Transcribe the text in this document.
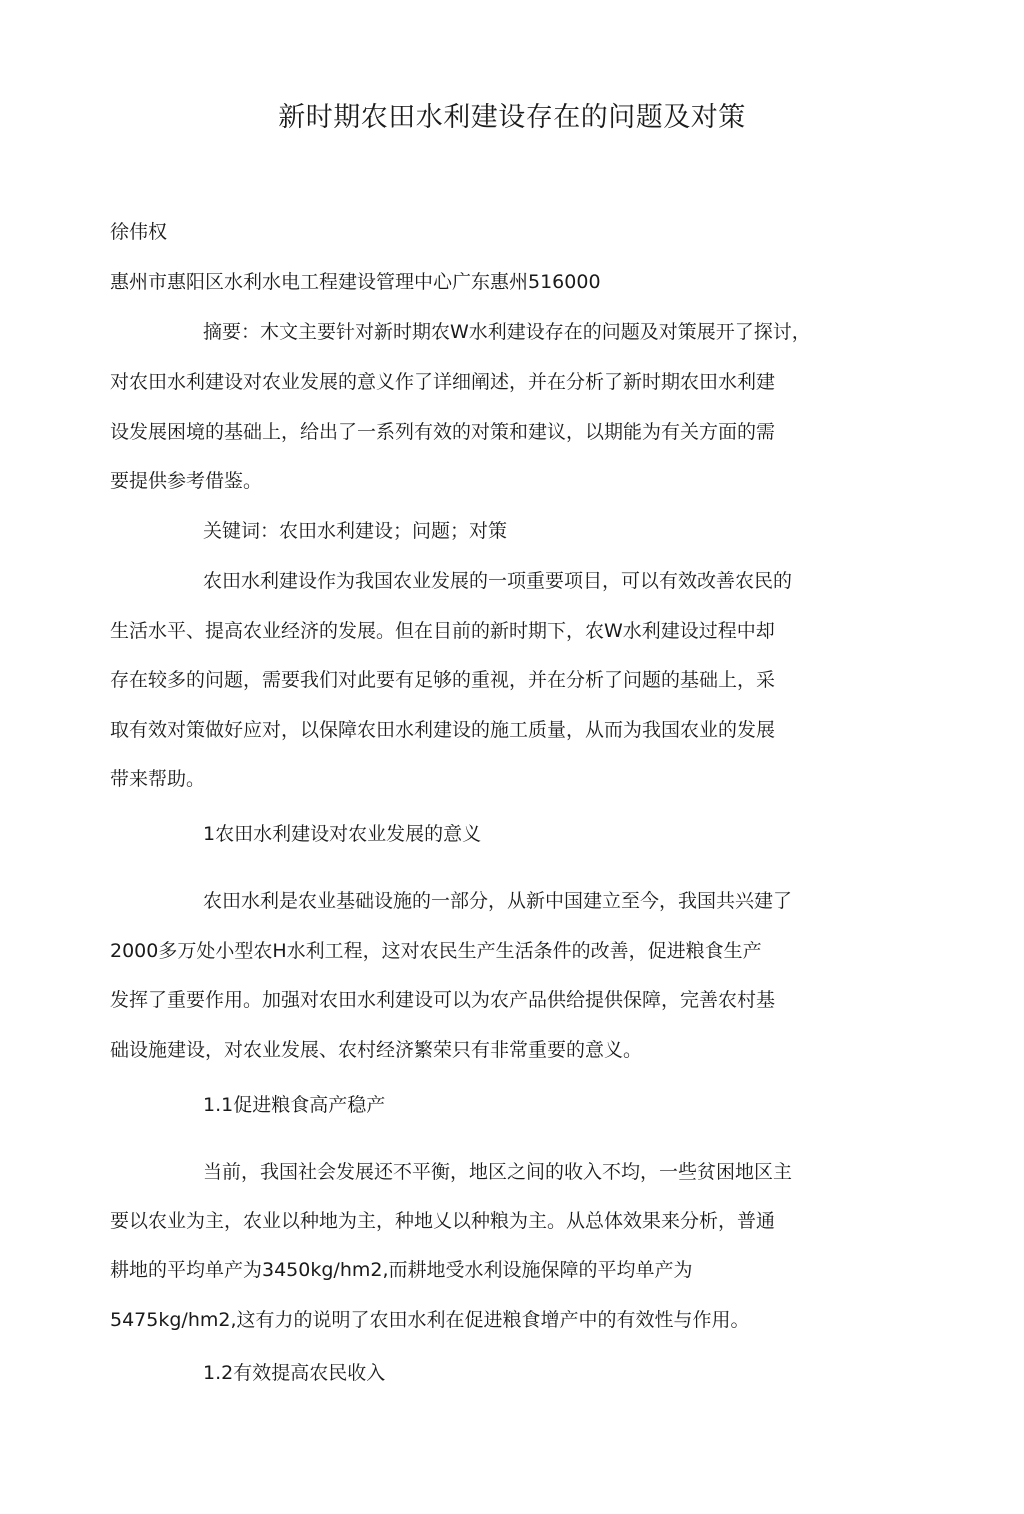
新时期农田水利建设存在的问题及对策

徐伟权

惠州市惠阳区水利水电工程建设管理中心广东惠州516000

摘要：木文主要针对新时期农W水利建设存在的问题及对策展开了探讨，

对农田水利建设对农业发展的意义作了详细阐述，并在分析了新时期农田水利建

设发展困境的基础上，给出了一系列有效的对策和建议，以期能为有关方面的需

要提供参考借鉴。

关键词：农田水利建设；问题；对策

农田水利建设作为我国农业发展的一项重要项目，可以有效改善农民的

生活水平、提高农业经济的发展。但在目前的新时期下，农W水利建设过程中却

存在较多的问题，需要我们对此要有足够的重视，并在分析了问题的基础上，采

取有效对策做好应对，以保障农田水利建设的施工质量，从而为我国农业的发展

带来帮助。

1农田水利建设对农业发展的意义

农田水利是农业基础设施的一部分，从新中国建立至今，我国共兴建了

2000多万处小型农H水利工程，这对农民生产生活条件的改善，促进粮食生产

发挥了重要作用。加强对农田水利建设可以为农产品供给提供保障，完善农村基

础设施建设，对农业发展、农村经济繁荣只有非常重要的意义。

1.1促进粮食高产稳产

当前，我国社会发展还不平衡，地区之间的收入不均，一些贫困地区主

要以农业为主，农业以种地为主，种地乂以种粮为主。从总体效果来分析，普通

耕地的平均单产为3450kg/hm2,而耕地受水利设施保障的平均单产为

5475kg/hm2,这有力的说明了农田水利在促进粮食增产中的有效性与作用。

1.2有效提高农民收入
